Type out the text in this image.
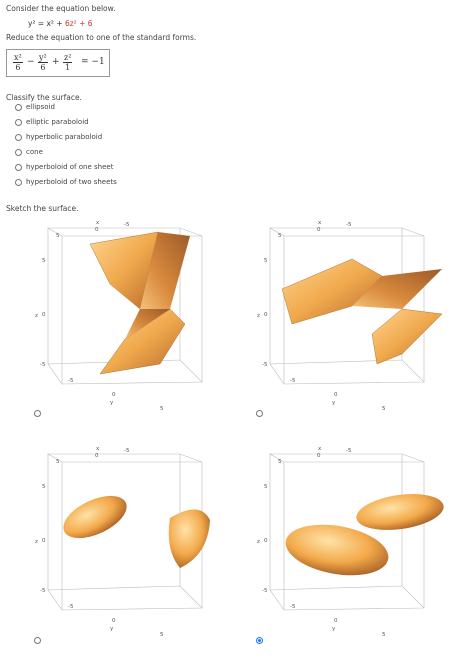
Consider the equation below.
y² = x² + 6z² + 6
Reduce the equation to one of the standard forms.
$\frac{\text{x²}}{6} - \frac{\text{y²}}{6} + \frac{\text{z²}}{1} = -1$
Classify the surface.
ellipsoid
elliptic paraboloid
hyperbolic paraboloid
cone
hyperboloid of one sheet
hyperboloid of two sheets
Sketch the surface.
x
0
-5
5
5
z 0
-5
-5
0
y
5
x
0
-5
5
5
z 0
-5
-5
0
y
5
x
0
-5
5
5
z 0
-5
-5
0
y
5
x
0
-5
5
5
z 0
-5
-5
0
y
5
